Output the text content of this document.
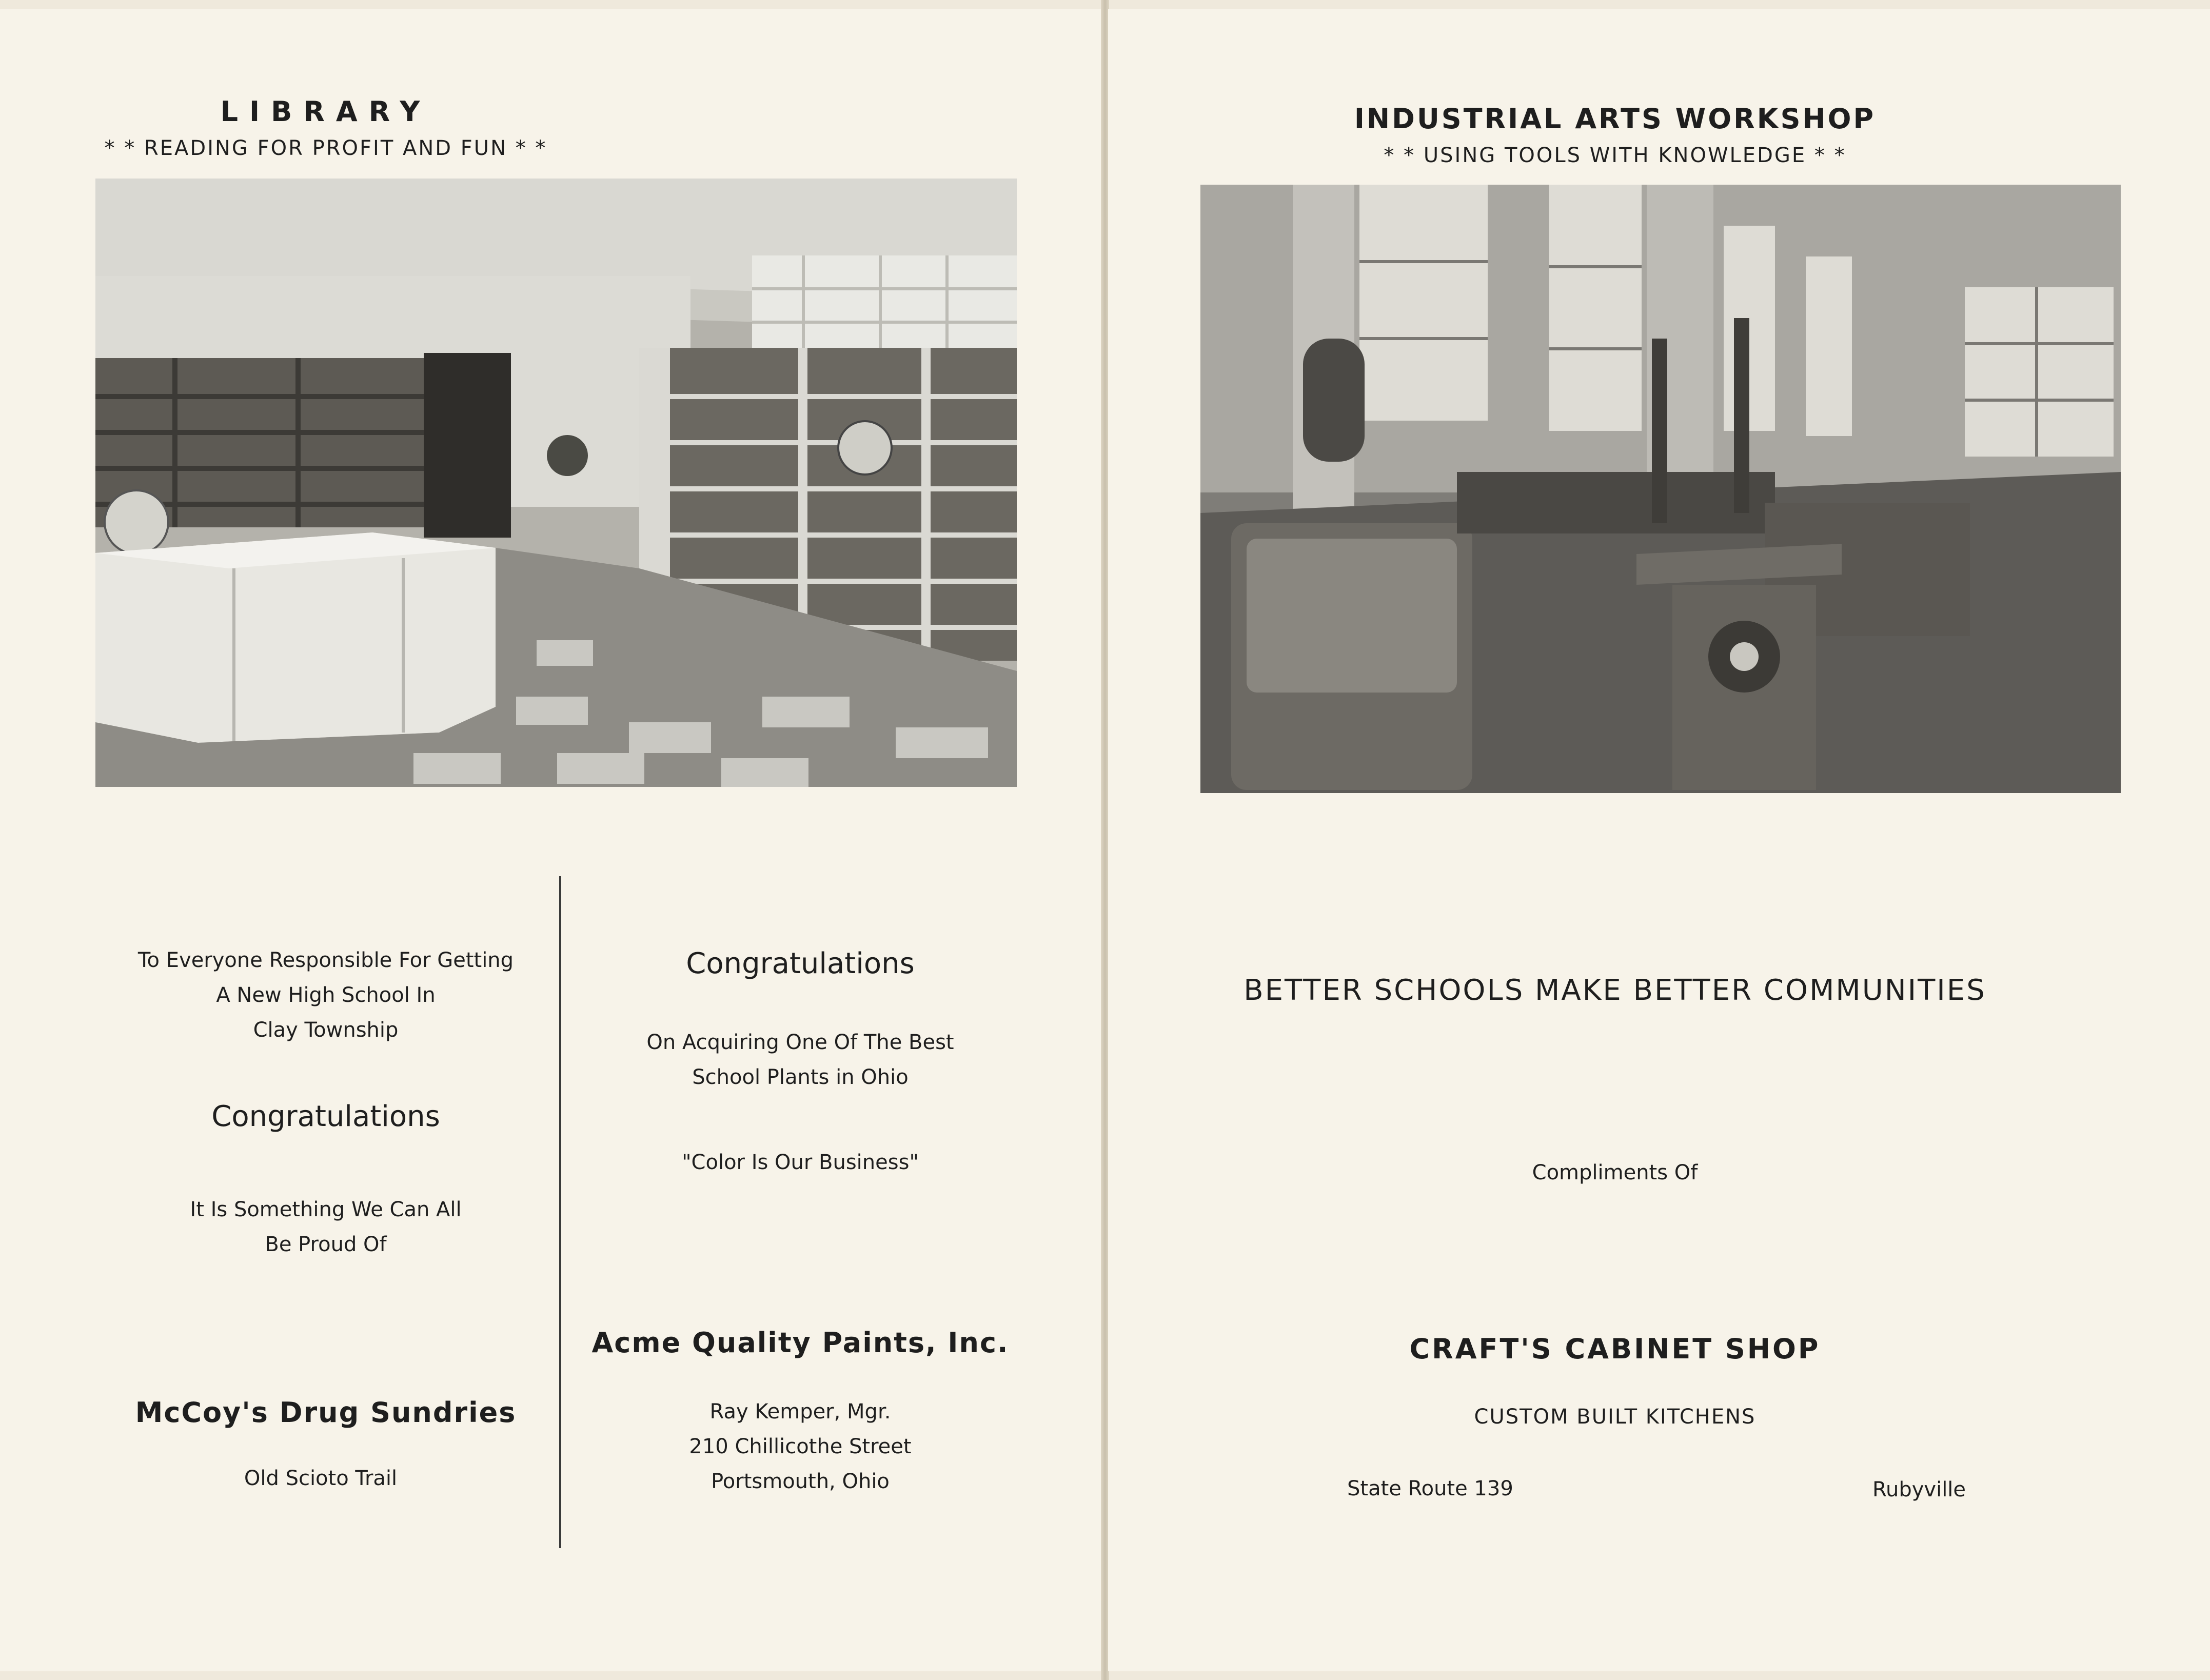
LIBRARY
* * READING FOR PROFIT AND FUN * *
To Everyone Responsible For Getting
A New High School In
Clay Township
Congratulations
It Is Something We Can All
Be Proud Of
McCoy's Drug Sundries
Old Scioto Trail
Congratulations
On Acquiring One Of The Best
School Plants in Ohio
"Color Is Our Business"
Acme Quality Paints, Inc.
Ray Kemper, Mgr.
210 Chillicothe Street
Portsmouth, Ohio
INDUSTRIAL ARTS WORKSHOP
* * USING TOOLS WITH KNOWLEDGE * *
BETTER SCHOOLS MAKE BETTER COMMUNITIES
Compliments Of
CRAFT'S CABINET SHOP
CUSTOM BUILT KITCHENS
State Route 139	Rubyville
